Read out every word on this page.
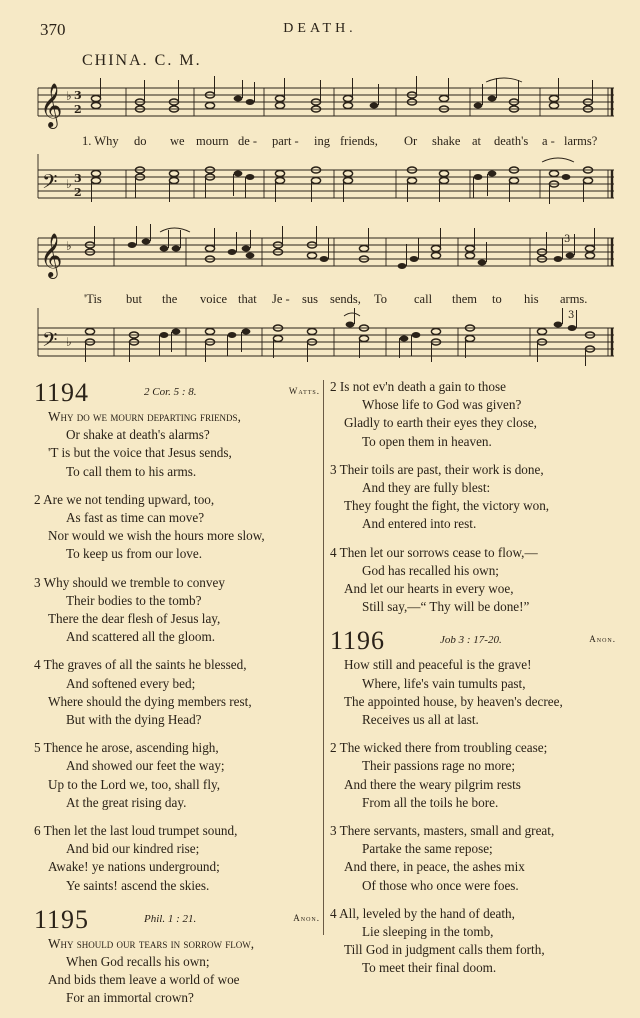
370	DEATH.
CHINA. C. M.
𝄞 ♭ 3
2
1. Why do we mourn de - part - ing friends, Or shake at death's a - larms?
𝄢 ♭ 3
2
𝄞 ♭	3
'Tis but the voice that Je - sus sends, To call them to his arms.
𝄢 ♭
3
1194	2 Cor. 5 : 8.	Watts.
Why do we mourn departing friends,
Or shake at death's alarms?
'T is but the voice that Jesus sends,
To call them to his arms.
2 Are we not tending upward, too,
As fast as time can move?
Nor would we wish the hours more slow,
To keep us from our love.
3 Why should we tremble to convey
Their bodies to the tomb?
There the dear flesh of Jesus lay,
And scattered all the gloom.
4 The graves of all the saints he blessed,
And softened every bed;
Where should the dying members rest,
But with the dying Head?
5 Thence he arose, ascending high,
And showed our feet the way;
Up to the Lord we, too, shall fly,
At the great rising day.
6 Then let the last loud trumpet sound,
And bid our kindred rise;
Awake! ye nations underground;
Ye saints! ascend the skies.
1195	Phil. 1 : 21.	Anon.
Why should our tears in sorrow flow,
When God recalls his own;
And bids them leave a world of woe
For an immortal crown?
2 Is not ev'n death a gain to those
Whose life to God was given?
Gladly to earth their eyes they close,
To open them in heaven.
3 Their toils are past, their work is done,
And they are fully blest:
They fought the fight, the victory won,
And entered into rest.
4 Then let our sorrows cease to flow,—
God has recalled his own;
And let our hearts in every woe,
Still say,—“ Thy will be done!”
1196	Job 3 : 17-20.	Anon.
How still and peaceful is the grave!
Where, life's vain tumults past,
The appointed house, by heaven's decree,
Receives us all at last.
2 The wicked there from troubling cease;
Their passions rage no more;
And there the weary pilgrim rests
From all the toils he bore.
3 There servants, masters, small and great,
Partake the same repose;
And there, in peace, the ashes mix
Of those who once were foes.
4 All, leveled by the hand of death,
Lie sleeping in the tomb,
Till God in judgment calls them forth,
To meet their final doom.
